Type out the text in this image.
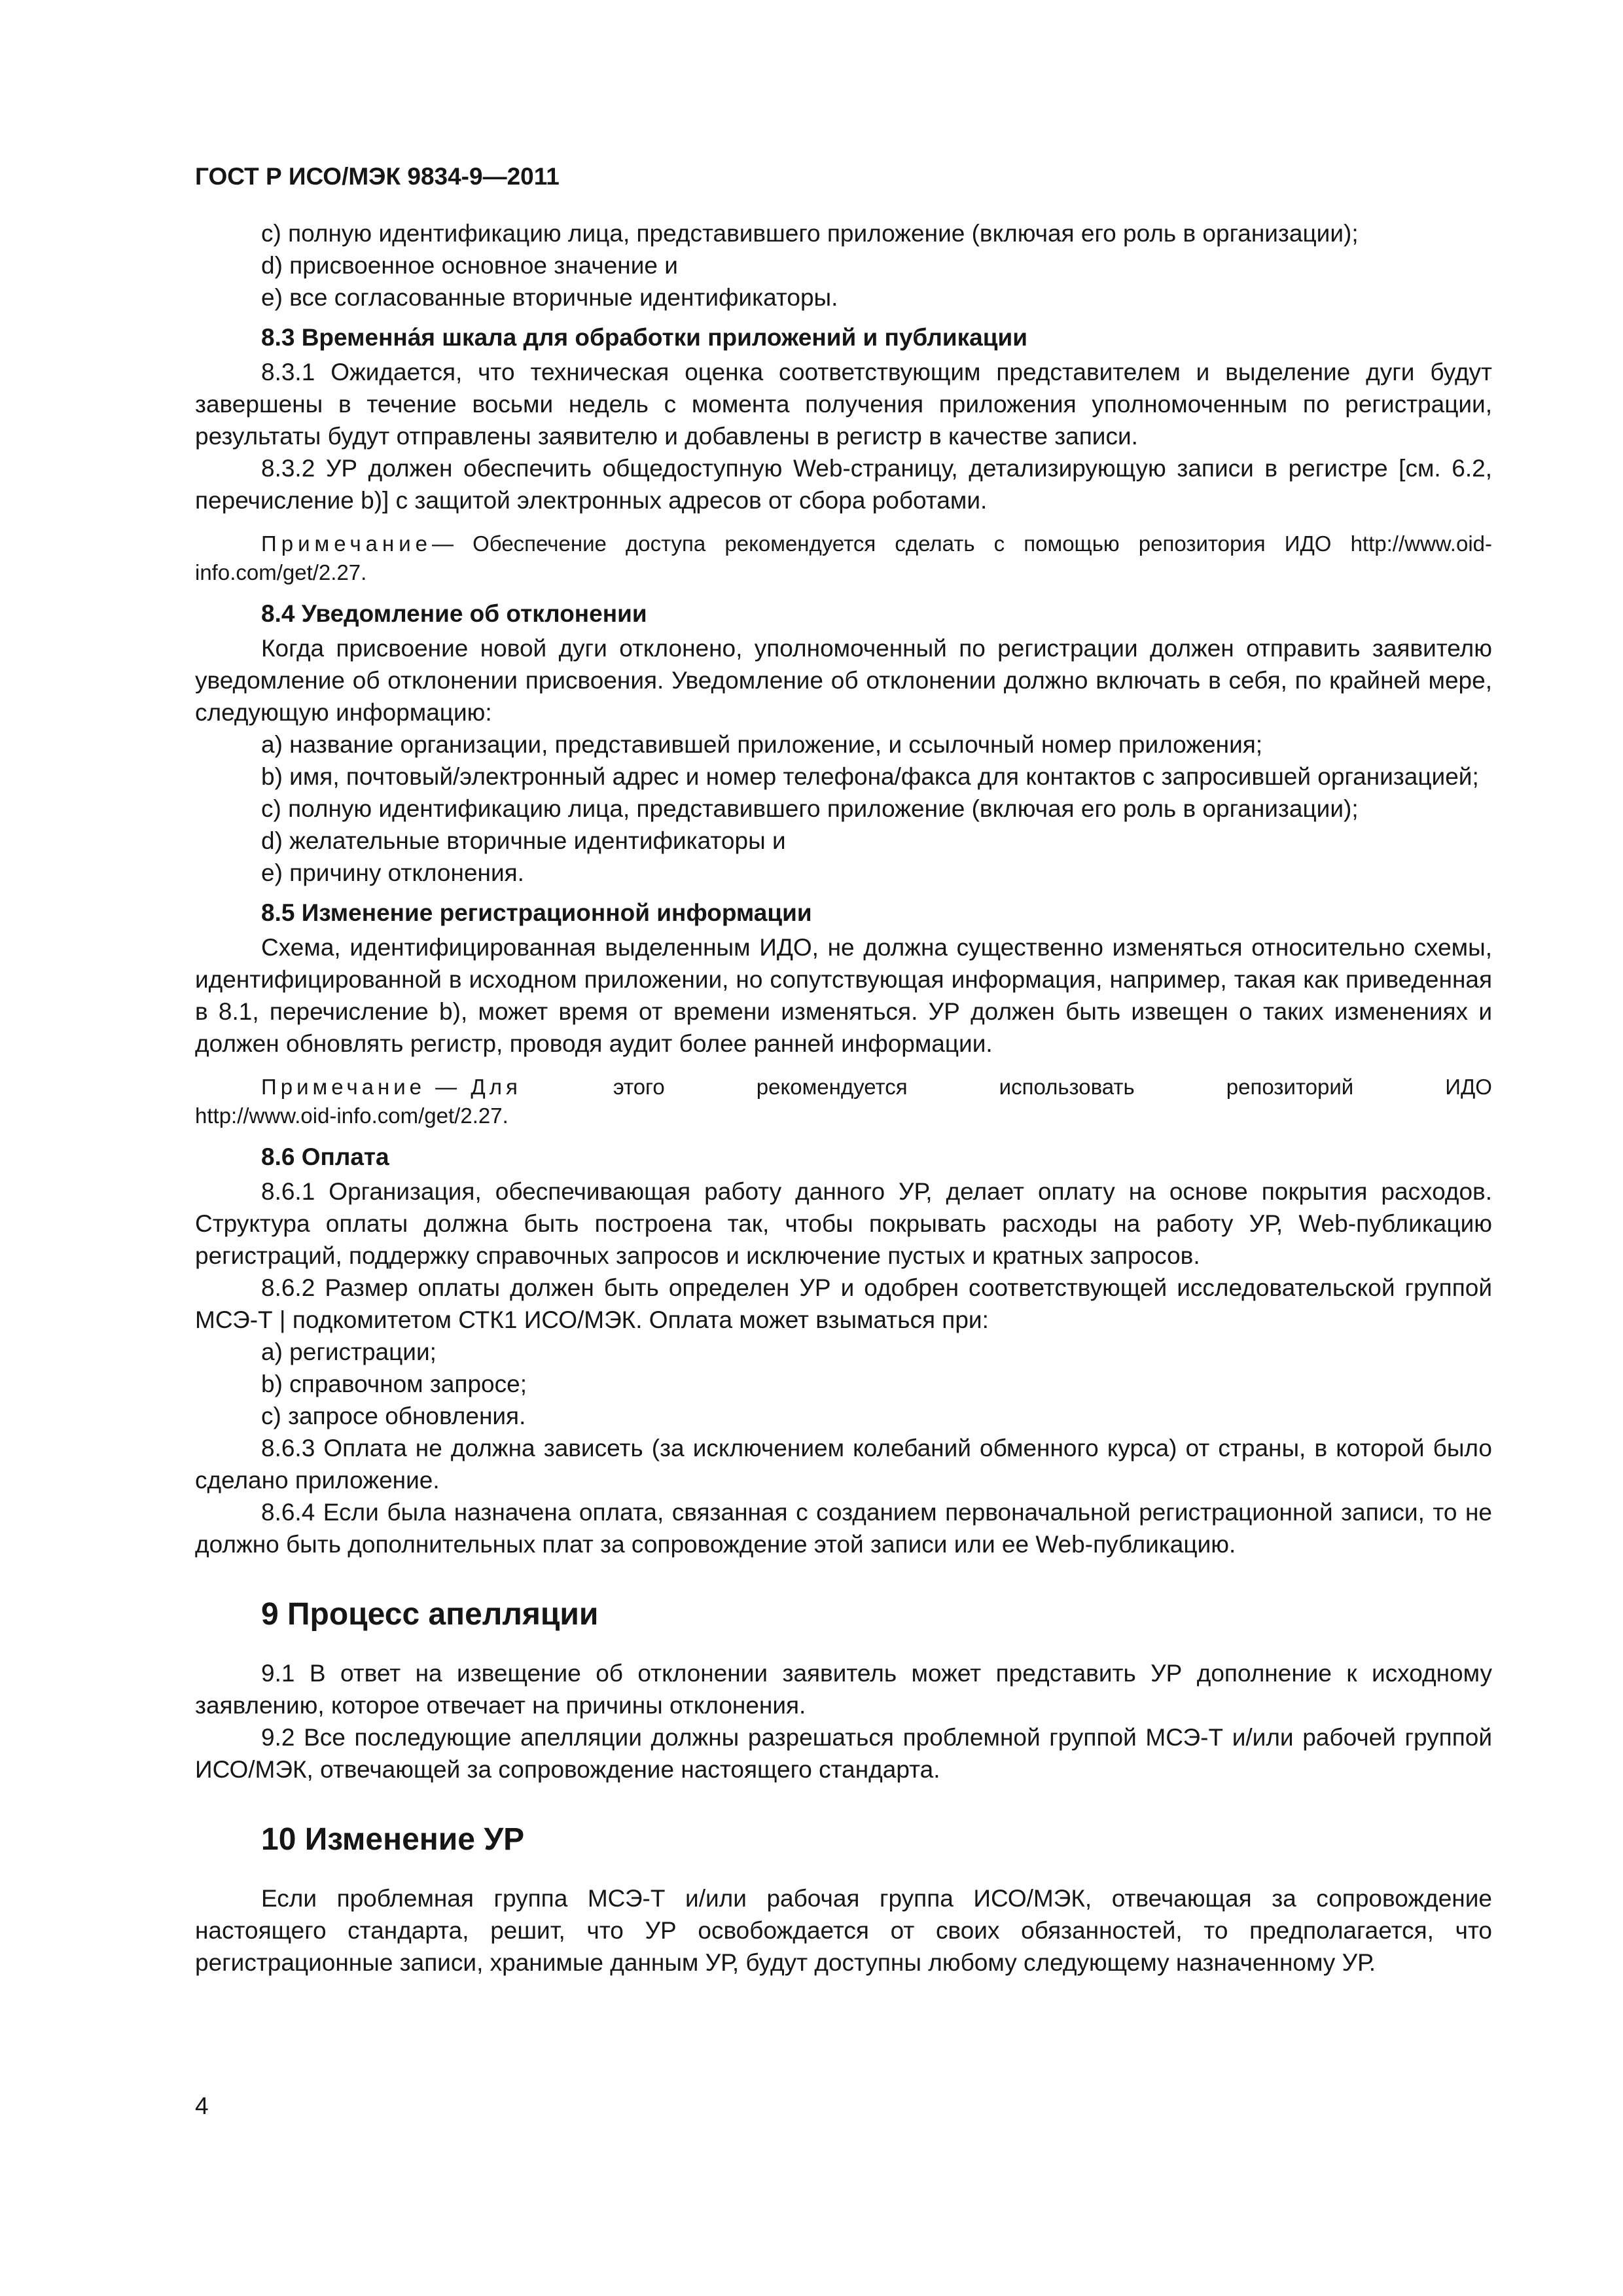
ГОСТ Р ИСО/МЭК 9834-9—2011

c) полную идентификацию лица, представившего приложение (включая его роль в организации);

d) присвоенное основное значение и

e) все согласованные вторичные идентификаторы.

8.3 Временна́я шкала для обработки приложений и публикации

8.3.1 Ожидается, что техническая оценка соответствующим представителем и выделение дуги будут завершены в течение восьми недель с момента получения приложения уполномоченным по регистрации, результаты будут отправлены заявителю и добавлены в регистр в качестве записи.

8.3.2 УР должен обеспечить общедоступную Web-страницу, детализирующую записи в регистре [см. 6.2, перечисление b)] с защитой электронных адресов от сбора роботами.

Примечание— Обеспечение доступа рекомендуется сделать с помощью репозитория ИДО http://www.oid-info.com/get/2.27.
8.4 Уведомление об отклонении

Когда присвоение новой дуги отклонено, уполномоченный по регистрации должен отправить заявителю уведомление об отклонении присвоения. Уведомление об отклонении должно включать в себя, по крайней мере, следующую информацию:

a) название организации, представившей приложение, и ссылочный номер приложения;

b) имя, почтовый/электронный адрес и номер телефона/факса для контактов с запросившей организацией;

c) полную идентификацию лица, представившего приложение (включая его роль в организации);

d) желательные вторичные идентификаторы и

e) причину отклонения.

8.5 Изменение регистрационной информации

Схема, идентифицированная выделенным ИДО, не должна существенно изменяться относительно схемы, идентифицированной в исходном приложении, но сопутствующая информация, например, такая как приведенная в 8.1, перечисление b), может время от времени изменяться. УР должен быть извещен о таких изменениях и должен обновлять регистр, проводя аудит более ранней информации.

Примечание — Для	этого	рекомендуется	использовать	репозиторий	ИДО
http://www.oid-info.com/get/2.27.
8.6 Оплата

8.6.1 Организация, обеспечивающая работу данного УР, делает оплату на основе покрытия расходов. Структура оплаты должна быть построена так, чтобы покрывать расходы на работу УР, Web-публикацию регистраций, поддержку справочных запросов и исключение пустых и кратных запросов.

8.6.2 Размер оплаты должен быть определен УР и одобрен соответствующей исследовательской группой МСЭ-Т | подкомитетом СТК1 ИСО/МЭК. Оплата может взыматься при:

a) регистрации;

b) справочном запросе;

c) запросе обновления.

8.6.3 Оплата не должна зависеть (за исключением колебаний обменного курса) от страны, в которой было сделано приложение.

8.6.4 Если была назначена оплата, связанная с созданием первоначальной регистрационной записи, то не должно быть дополнительных плат за сопровождение этой записи или ее Web-публикацию.

9 Процесс апелляции

9.1 В ответ на извещение об отклонении заявитель может представить УР дополнение к исходному заявлению, которое отвечает на причины отклонения.

9.2 Все последующие апелляции должны разрешаться проблемной группой МСЭ-Т и/или рабочей группой ИСО/МЭК, отвечающей за сопровождение настоящего стандарта.

10 Изменение УР

Если проблемная группа МСЭ-Т и/или рабочая группа ИСО/МЭК, отвечающая за сопровождение настоящего стандарта, решит, что УР освобождается от своих обязанностей, то предполагается, что регистрационные записи, хранимые данным УР, будут доступны любому следующему назначенному УР.

4
